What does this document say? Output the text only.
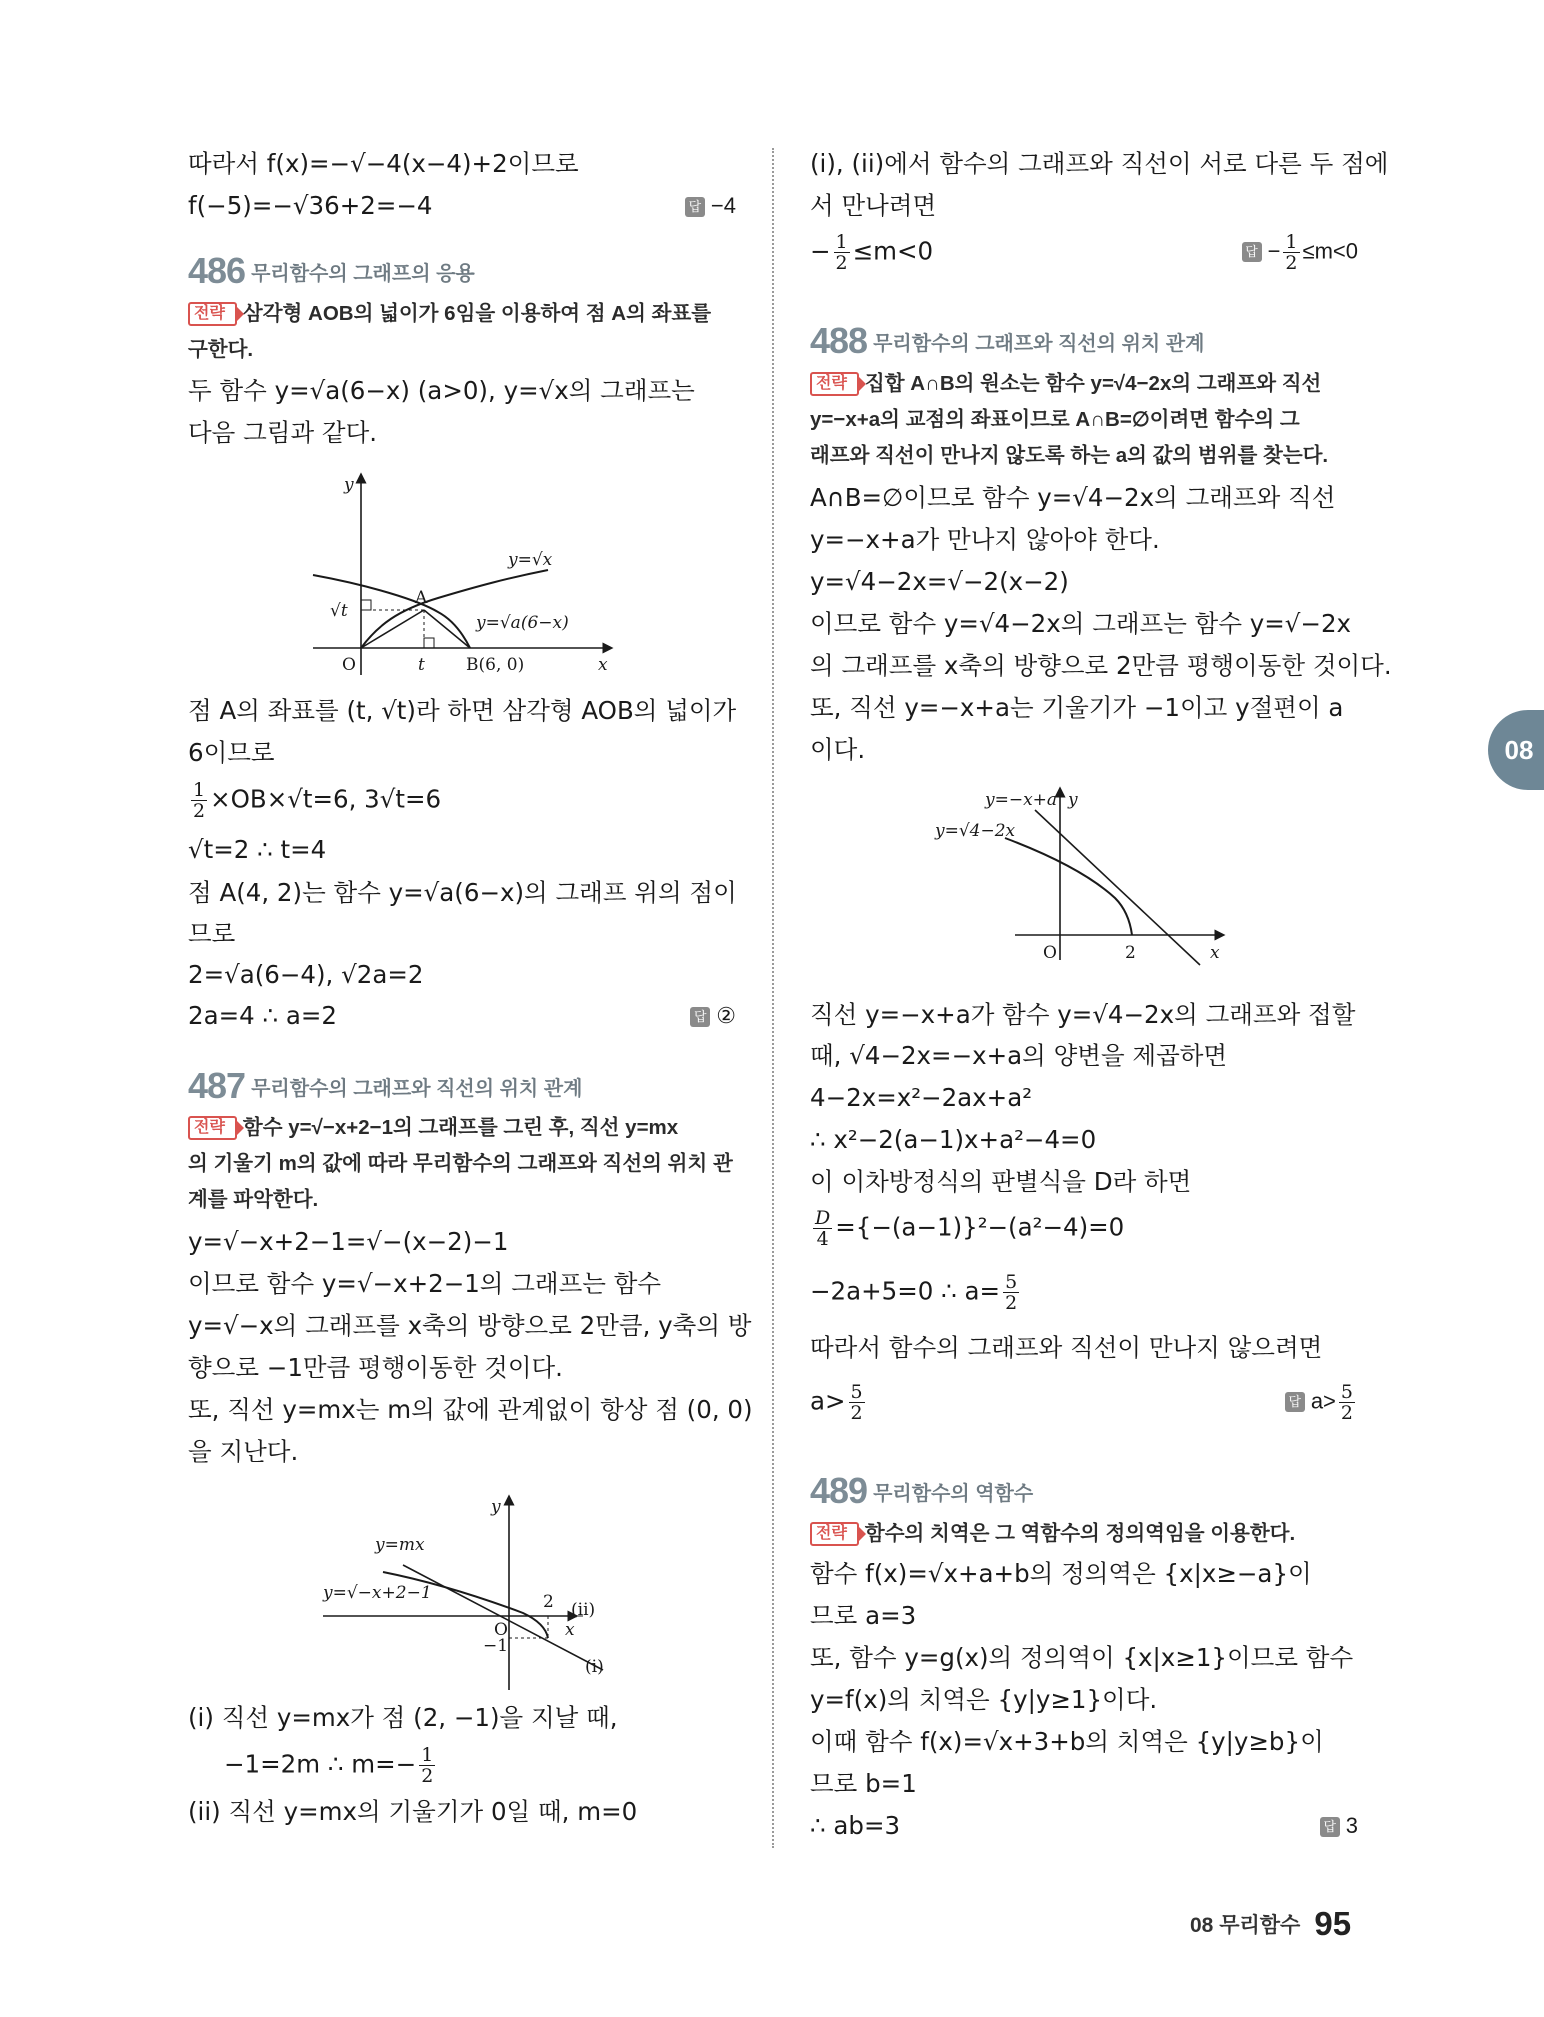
따라서 f(x)=−√−4(x−4)+2이므로
f(−5)=−√36+2=−4	답 −4
486 무리함수의 그래프의 응용
전략 삼각형 AOB의 넓이가 6임을 이용하여 점 A의 좌표를
구한다.
두 함수 y=√a(6−x) (a>0), y=√x의 그래프는
다음 그림과 같다.
y
x
O
A
t
√t
B(6, 0)
y=√x
y=√a(6−x)
점 A의 좌표를 (t, √t)라 하면 삼각형 AOB의 넓이가
6이므로
$\frac{1}{2} \times OB\times√t=6$, 3√t=6
√t=2 ∴ t=4
점 A(4, 2)는 함수 y=√a(6−x)의 그래프 위의 점이
므로
2=√a(6−4), √2a=2
2a=4 ∴ a=2	답 ②
487 무리함수의 그래프와 직선의 위치 관계
전략 함수 y=√−x+2−1의 그래프를 그린 후, 직선 y=mx
의 기울기 m의 값에 따라 무리함수의 그래프와 직선의 위치 관
계를 파악한다.
y=√−x+2−1=√−(x−2)−1
이므로 함수 y=√−x+2−1의 그래프는 함수
y=√−x의 그래프를 x축의 방향으로 2만큼, y축의 방
향으로 −1만큼 평행이동한 것이다.
또, 직선 y=mx는 m의 값에 관계없이 항상 점 (0, 0)
을 지난다.
y
x
O
2
−1
y=mx
y=√−x+2−1
(i)
(ii)
(i) 직선 y=mx가 점 (2, −1)을 지날 때,
−1=2m ∴ $m=- \frac{1}{2}$
(ii) 직선 y=mx의 기울기가 0일 때, m=0
(i), (ii)에서 함수의 그래프와 직선이 서로 다른 두 점에
서 만나려면
− $\frac{1}{2} \le m<0$	답 − $\frac{1}{2} \le m<0$
488 무리함수의 그래프와 직선의 위치 관계
전략 집합 A∩B의 원소는 함수 y=√4−2x의 그래프와 직선
y=−x+a의 교점의 좌표이므로 A∩B=∅이려면 함수의 그
래프와 직선이 만나지 않도록 하는 a의 값의 범위를 찾는다.
A∩B=∅이므로 함수 y=√4−2x의 그래프와 직선
y=−x+a가 만나지 않아야 한다.
y=√4−2x=√−2(x−2)
이므로 함수 y=√4−2x의 그래프는 함수 y=√−2x
의 그래프를 x축의 방향으로 2만큼 평행이동한 것이다.
또, 직선 y=−x+a는 기울기가 −1이고 y절편이 a
이다.
y
x
O	2
y=−x+a
y=√4−2x
직선 y=−x+a가 함수 y=√4−2x의 그래프와 접할
때, √4−2x=−x+a의 양변을 제곱하면
4−2x=x²−2ax+a²
∴ x²−2(a−1)x+a²−4=0
이 이차방정식의 판별식을 D라 하면
$\frac{D}{4} =\{-(a-1)\}^2-(a^2-4)=0$
−2a+5=0 ∴ $a= \frac{5}{2}$
따라서 함수의 그래프와 직선이 만나지 않으려면
$a> \frac{5}{2}$	답 $a> \frac{5}{2}$
489 무리함수의 역함수
전략 함수의 치역은 그 역함수의 정의역임을 이용한다.
함수 f(x)=√x+a+b의 정의역은 {x|x≥−a}이
므로 a=3
또, 함수 y=g(x)의 정의역이 {x|x≥1}이므로 함수
y=f(x)의 치역은 {y|y≥1}이다.
이때 함수 f(x)=√x+3+b의 치역은 {y|y≥b}이
므로 b=1
∴ ab=3	답 3
08
08 무리함수 95
